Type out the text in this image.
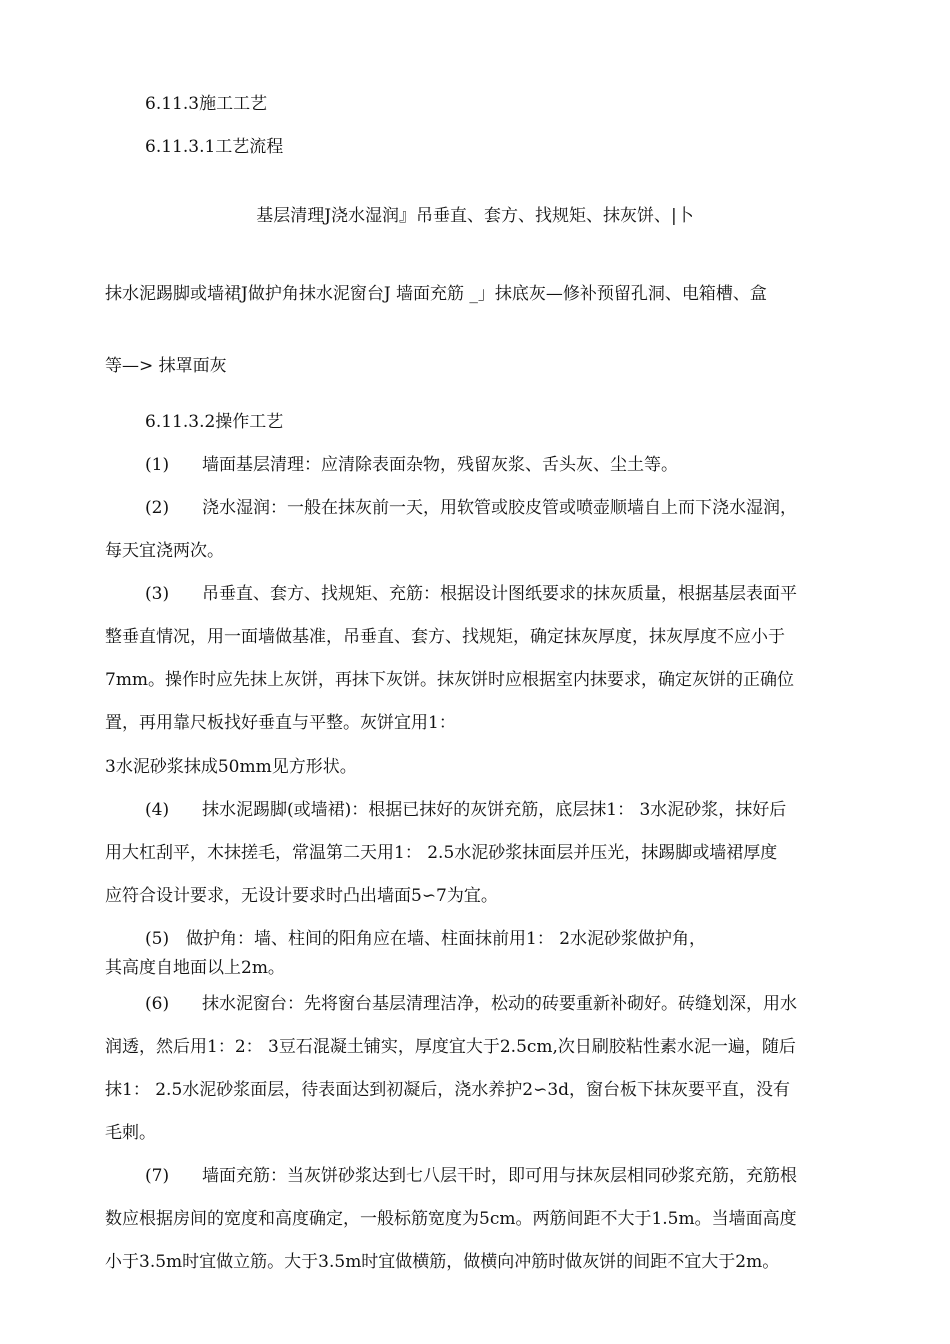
6.11.3施工工艺
6.11.3.1工艺流程
基层清理J浇水湿润』吊垂直、套方、找规矩、抹灰饼、|卜
抹水泥踢脚或墙裙J做护角抹水泥窗台J 墙面充筋 _」抹底灰—修补预留孔洞、电箱槽、盒
等—> 抹罩面灰
6.11.3.2操作工艺
(1) 墙面基层清理：应清除表面杂物，残留灰浆、舌头灰、尘土等。
(2) 浇水湿润：一般在抹灰前一天，用软管或胶皮管或喷壶顺墙自上而下浇水湿润，
每天宜浇两次。
(3) 吊垂直、套方、找规矩、充筋：根据设计图纸要求的抹灰质量，根据基层表面平
整垂直情况，用一面墙做基准，吊垂直、套方、找规矩，确定抹灰厚度，抹灰厚度不应小于
7mm。操作时应先抹上灰饼，再抹下灰饼。抹灰饼时应根据室内抹要求，确定灰饼的正确位
置，再用靠尺板找好垂直与平整。灰饼宜用1：
3水泥砂浆抹成50mm见方形状。
(4) 抹水泥踢脚(或墙裙)：根据已抹好的灰饼充筋，底层抹1： 3水泥砂浆，抹好后
用大杠刮平，木抹搓毛，常温第二天用1： 2.5水泥砂浆抹面层并压光，抹踢脚或墙裙厚度
应符合设计要求，无设计要求时凸出墙面5∽7为宜。
(5) 做护角：墙、柱间的阳角应在墙、柱面抹前用1： 2水泥砂浆做护角，
其高度自地面以上2m。
(6) 抹水泥窗台：先将窗台基层清理洁净，松动的砖要重新补砌好。砖缝划深，用水
润透，然后用1：2： 3豆石混凝土铺实，厚度宜大于2.5cm,次日刷胶粘性素水泥一遍，随后
抹1： 2.5水泥砂浆面层，待表面达到初凝后，浇水养护2∽3d，窗台板下抹灰要平直，没有
毛刺。
(7) 墙面充筋：当灰饼砂浆达到七八层干时，即可用与抹灰层相同砂浆充筋，充筋根
数应根据房间的宽度和高度确定，一般标筋宽度为5cm。两筋间距不大于1.5m。当墙面高度
小于3.5m时宜做立筋。大于3.5m时宜做横筋，做横向冲筋时做灰饼的间距不宜大于2m。
